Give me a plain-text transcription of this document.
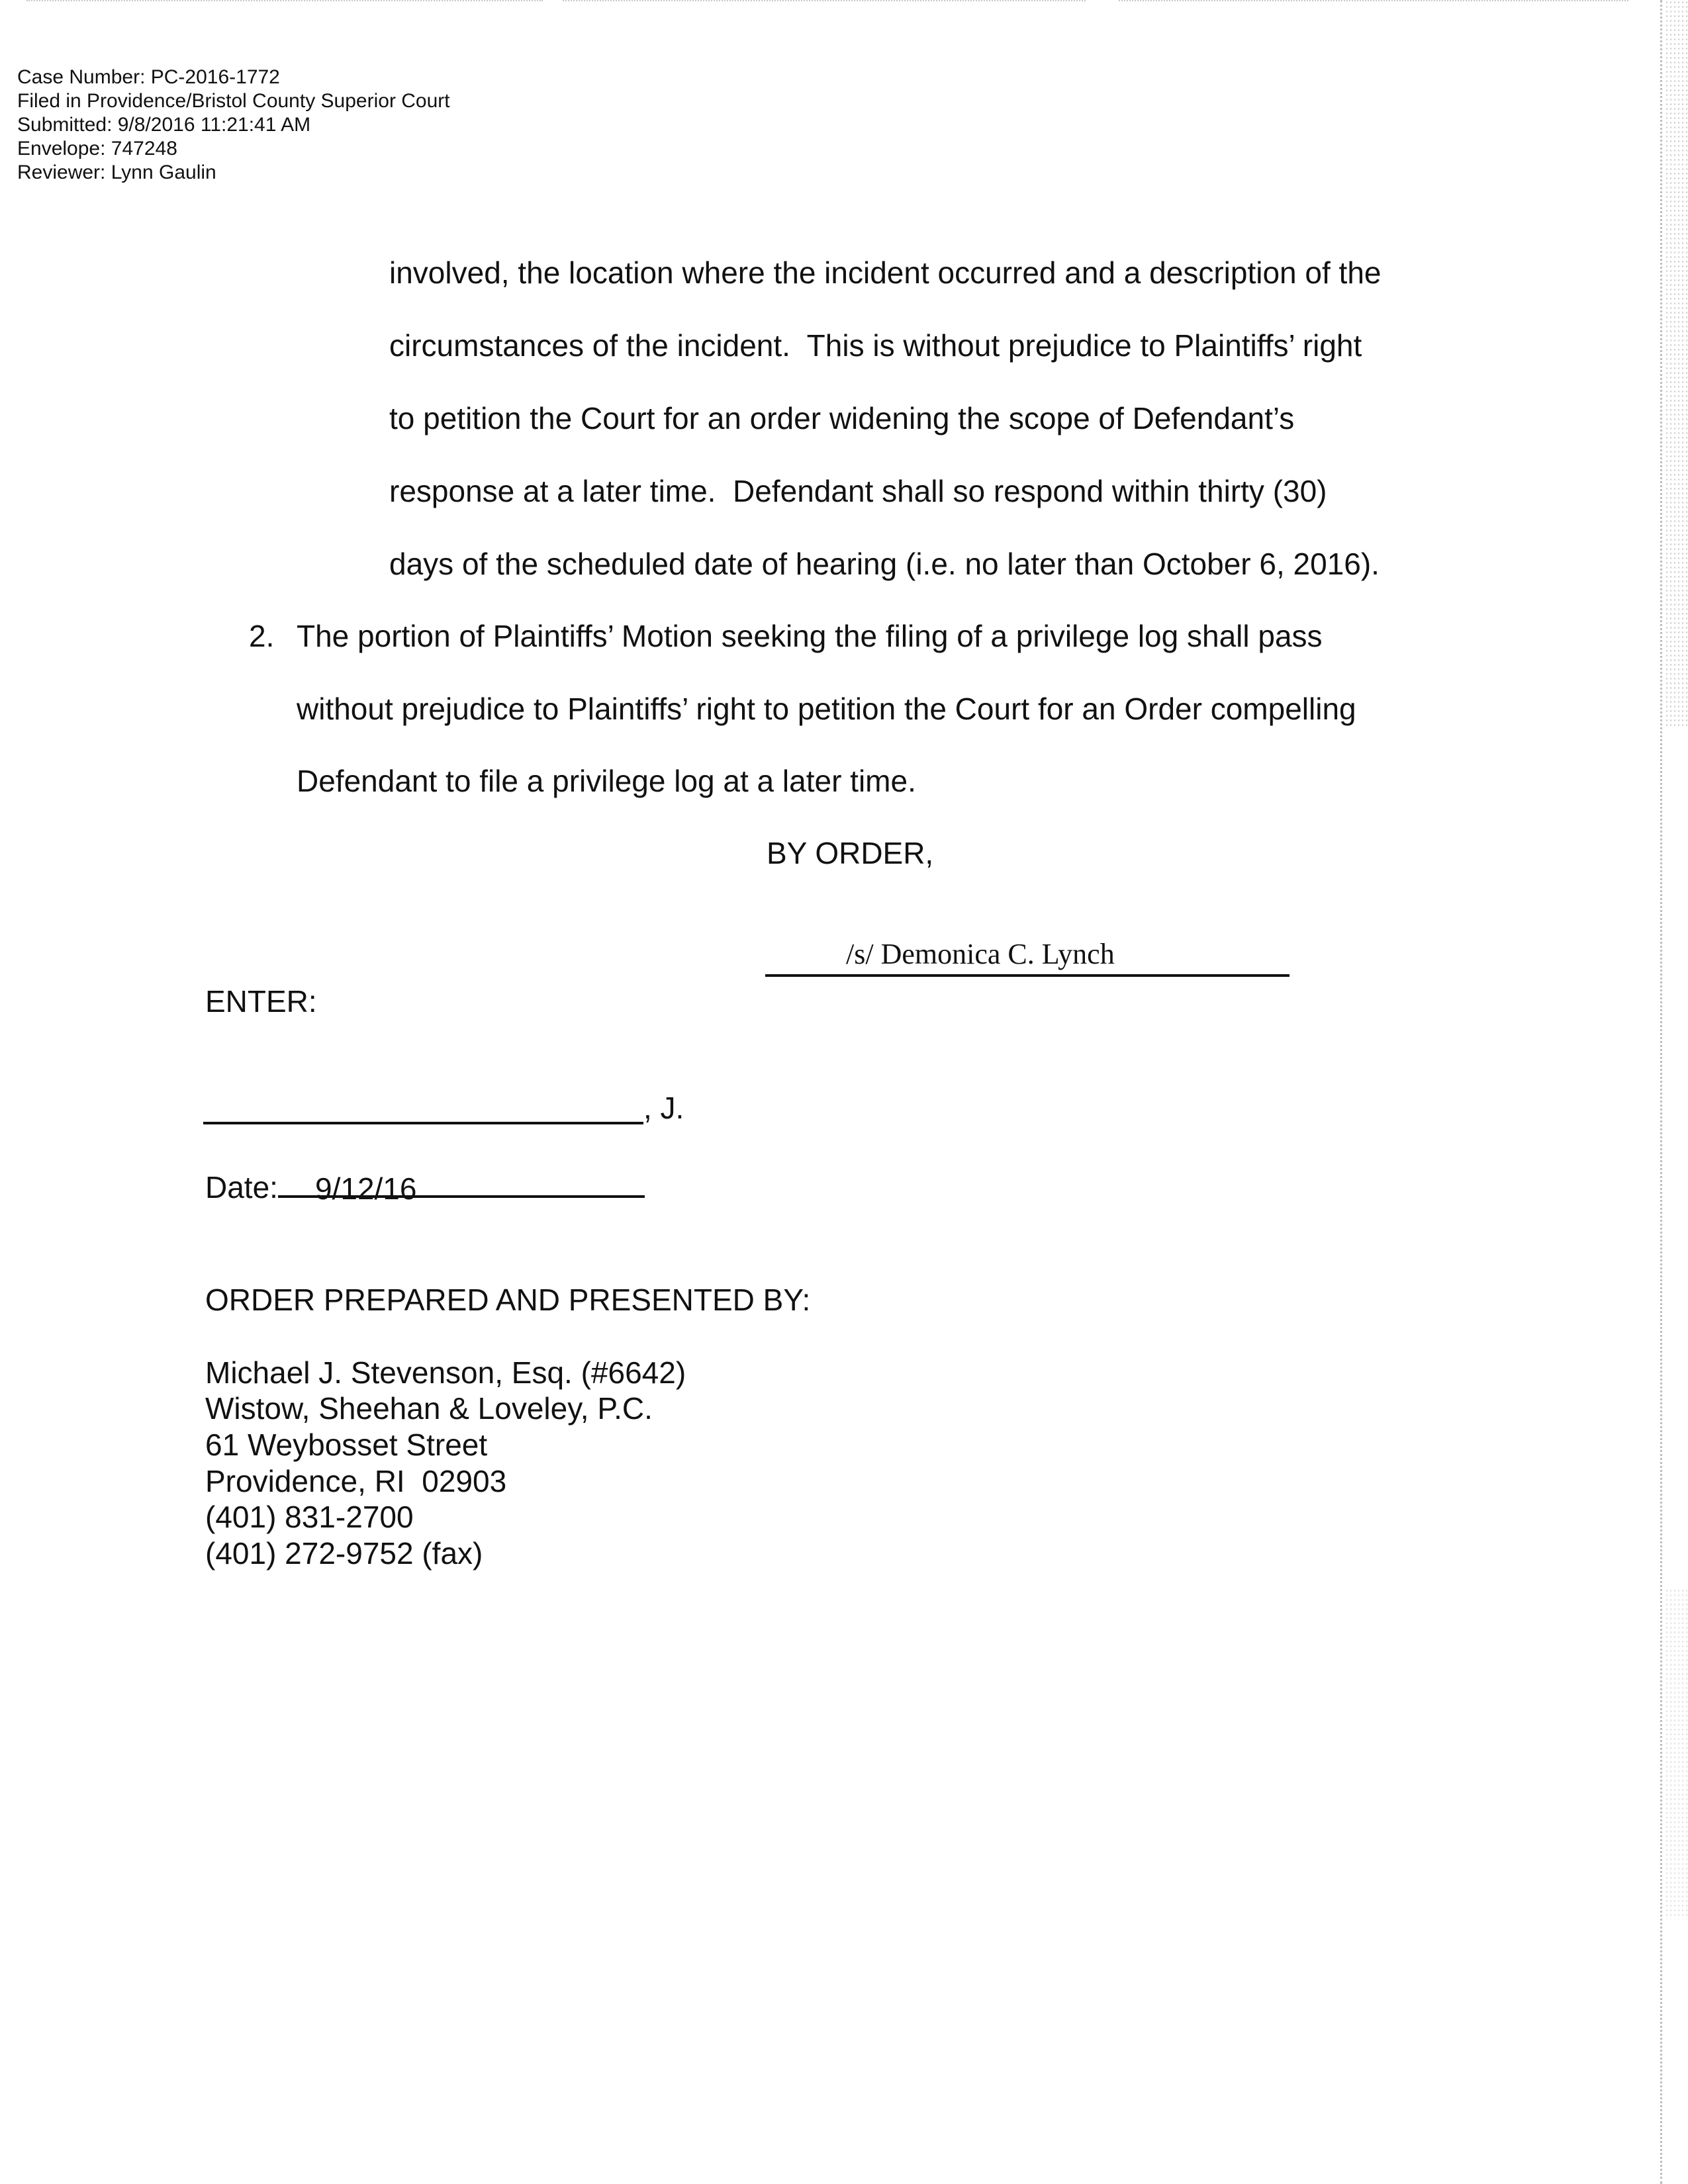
Case Number: PC-2016-1772
Filed in Providence/Bristol County Superior Court
Submitted: 9/8/2016 11:21:41 AM
Envelope: 747248
Reviewer: Lynn Gaulin
involved, the location where the incident occurred and a description of the
circumstances of the incident.  This is without prejudice to Plaintiffs’ right
to petition the Court for an order widening the scope of Defendant’s
response at a later time.  Defendant shall so respond within thirty (30)
days of the scheduled date of hearing (i.e. no later than October 6, 2016).
2. The portion of Plaintiffs’ Motion seeking the filing of a privilege log shall pass
without prejudice to Plaintiffs’ right to petition the Court for an Order compelling
Defendant to file a privilege log at a later time.
BY ORDER,
/s/ Demonica C. Lynch
ENTER:
, J.
Date: 9/12/16
ORDER PREPARED AND PRESENTED BY:
Michael J. Stevenson, Esq. (#6642)
Wistow, Sheehan & Loveley, P.C.
61 Weybosset Street
Providence, RI  02903
(401) 831-2700
(401) 272-9752 (fax)
